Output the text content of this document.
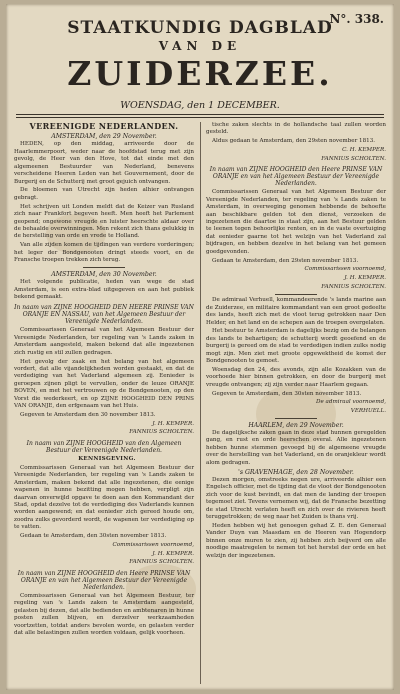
N°. 338.
STAATKUNDIG DAGBLAD
VAN DE
ZUIDERZEE.
WOENSDAG, den 1 DECEMBER.
VEREENIGDE NEDERLANDEN.
AMSTERDAM, den 29 November.

HEDEN, op den middag, arriveerde door de Haarlemmerpoort, weder naar de hoofdstad terug met zijn gevolg, de Heer van den Hove, tot dat einde met den algemeenen Bestuurder van Nederland, benevens verscheidene Heeren Leden van het Gouvernement, door de Burgerij en de Schutterij met groot gejuich ontvangen.

De bloemen van Utrecht zijn heden alhier ontvangen gebragt.

Het schrijven uit Londen meldt dat de Keizer van Rusland zich naar Frankfort begeven heeft. Men heeft het Parlement geopend; ongewone vreugde en luister heerschte aldaar over de behaalde overwinningen. Men rekent zich thans gelukkig in de herstelling van orde en vrede te Holland.

Van alle zijden komen de tijdingen van verdere vorderingen; het leger der Bondgenooten dringt steeds voort, en de Fransche troepen trekken zich terug.

AMSTERDAM, den 30 November.

Het volgende publicatie, heden van wege de stad Amsterdam, is een extra-blad uitgegeven en aan het publiek bekend gemaakt.

In naam van ZIJNE HOOGHEID DEN HEERE PRINSE VAN ORANJE EN NASSAU, van het Algemeen Bestuur der Vereenigde Nederlanden.

Commissarissen Generaal van het Algemeen Bestuur der Vereenigde Nederlanden, ter regeling van 's Lands zaken in Amsterdam aangesteld, maken bekend dat alle ingezetenen zich rustig en stil zullen gedragen.

Het gevolg der zaak en het belang van het algemeen vordert, dat alle vijandelijkheden worden gestaakt, en dat de verdediging van het Vaderland algemeen zij. Eenieder is geroepen zijnen pligt te vervullen, onder de leuze ORANJE BOVEN, en met het vertrouwen op de Bondgenooten, op den Vorst die wederkeert, en op ZIJNE HOOGHEID DEN PRINS VAN ORANJE, den erfgenaam van het Huis.

Gegeven te Amsterdam den 30 november 1813.

J. H. KEMPER.

FANNIUS SCHOLTEN.

In naam van ZIJNE HOOGHEID van den Algemeen Bestuur der Vereenigde Nederlanden.

KENNISGEVING.

Commissarissen Generaal van het Algemeen Bestuur der Vereenigde Nederlanden, ter regeling van 's Lands zaken te Amsterdam, maken bekend dat alle ingezetenen, die eenige wapenen in hunne bezitting mogen hebben, verpligt zijn daarvan onverwijld opgave te doen aan den Kommandant der Stad, opdat dezelve tot de verdediging des Vaderlands kunnen worden aangewend; en dat eenieder zich gereed houde om, zoodra zulks gevorderd wordt, de wapenen ter verdediging op te vatten.

Gedaan te Amsterdam, den 30sten november 1813.

Commissarissen voornoemd,

J. H. KEMPER.

FANNIUS SCHOLTEN.

In naam van ZIJNE HOOGHEID den Heere PRINSE VAN ORANJE en van het Algemeen Bestuur der Vereenigde Nederlanden.

Commissarissen Generaal van het Algemeen Bestuur, ter regeling van 's Lands zaken te Amsterdam aangesteld, gelasten bij dezen, dat alle bedienden en ambtenaren in hunne posten zullen blijven, en derzelver werkzaamheden voortzetten, totdat anders bevolen worde, en gelasten verder dat alle belastingen zullen worden voldaan, gelijk voorheen.

tische zaken slechts in de hollandsche taal zullen worden gesteld.

Aldus gedaan te Amsterdam, den 29sten november 1813.

C. H. KEMPER.

FANNIUS SCHOLTEN.

In naam van ZIJNE HOOGHEID den Heere PRINSE VAN ORANJE en van het Algemeen Bestuur der Vereenigde Nederlanden.

Commissarissen Generaal van het Algemeen Bestuur der Vereenigde Nederlanden, ter regeling van 's Lands zaken te Amsterdam, in overweging genomen hebbende de behoefte aan beschikbare gelden tot den dienst, verzoeken de ingezetenen die daartoe in staat zijn, aan het Bestuur gelden te leenen tegen behoorlijke renten, en in de vaste overtuiging dat eenieder gaarne tot het welzijn van het Vaderland zal bijdragen, en hebben dezelve in het belang van het gemeen goedgevonden.

Gedaan te Amsterdam, den 29sten november 1813.

Commissarissen voornoemd,

J. H. KEMPER.

FANNIUS SCHOLTEN.

De admiraal Verhuell, kommandeerende 's lands marine aan de Zuiderzee, en militaire kommandant van een groot gedeelte des lands, heeft zich met de vloot terug getrokken naar Den Helder, en het land en de schepen aan de troepen overgelaten.

Het bestuur te Amsterdam is dagelijks bezig om de belangen des lands te behartigen; de schutterij wordt geoefend en de burgerij is gereed om de stad te verdedigen indien zulks nodig mogt zijn. Men ziet met groote opgewektheid de komst der Bondgenooten te gemoet.

Woensdag den 24, des avonds, zijn alle Kozakken van de voorhoede hier binnen getrokken, en door de burgerij met vreugde ontvangen; zij zijn verder naar Haarlem gegaan.

Gegeven te Amsterdam, den 30sten november 1813.

De admiraal voornoemd,

VERHUELL.

HAARLEM, den 29 November.

De dagelijksche zaken gaan in deze stad hunnen geregelden gang, en rust en orde heerschen overal. Alle ingezetenen hebben hunne stemmen gevoegd bij de algemeene vreugde over de herstelling van het Vaderland, en de oranjekleur wordt alom gedragen.

's GRAVENHAGE, den 28 November.

Dezen morgen, omstreeks negen ure, arriveerde alhier een Engelsch officier, met de tijding dat de vloot der Bondgenooten zich voor de kust bevindt, en dat men de landing der troepen tegemoet ziet. Tevens vernemen wij, dat de Fransche bezetting de stad Utrecht verlaten heeft en zich over de rivieren heeft teruggetrokken; de weg naar het Zuiden is thans vrij.

Heden hebben wij het genoegen gehad Z. E. den Generaal Vander Duyn van Maasdam en de Heeren van Hogendorp binnen onze muren te zien, zij hebben zich beijverd om alle noodige maatregelen te nemen tot het herstel der orde en het welzijn der ingezetenen.
